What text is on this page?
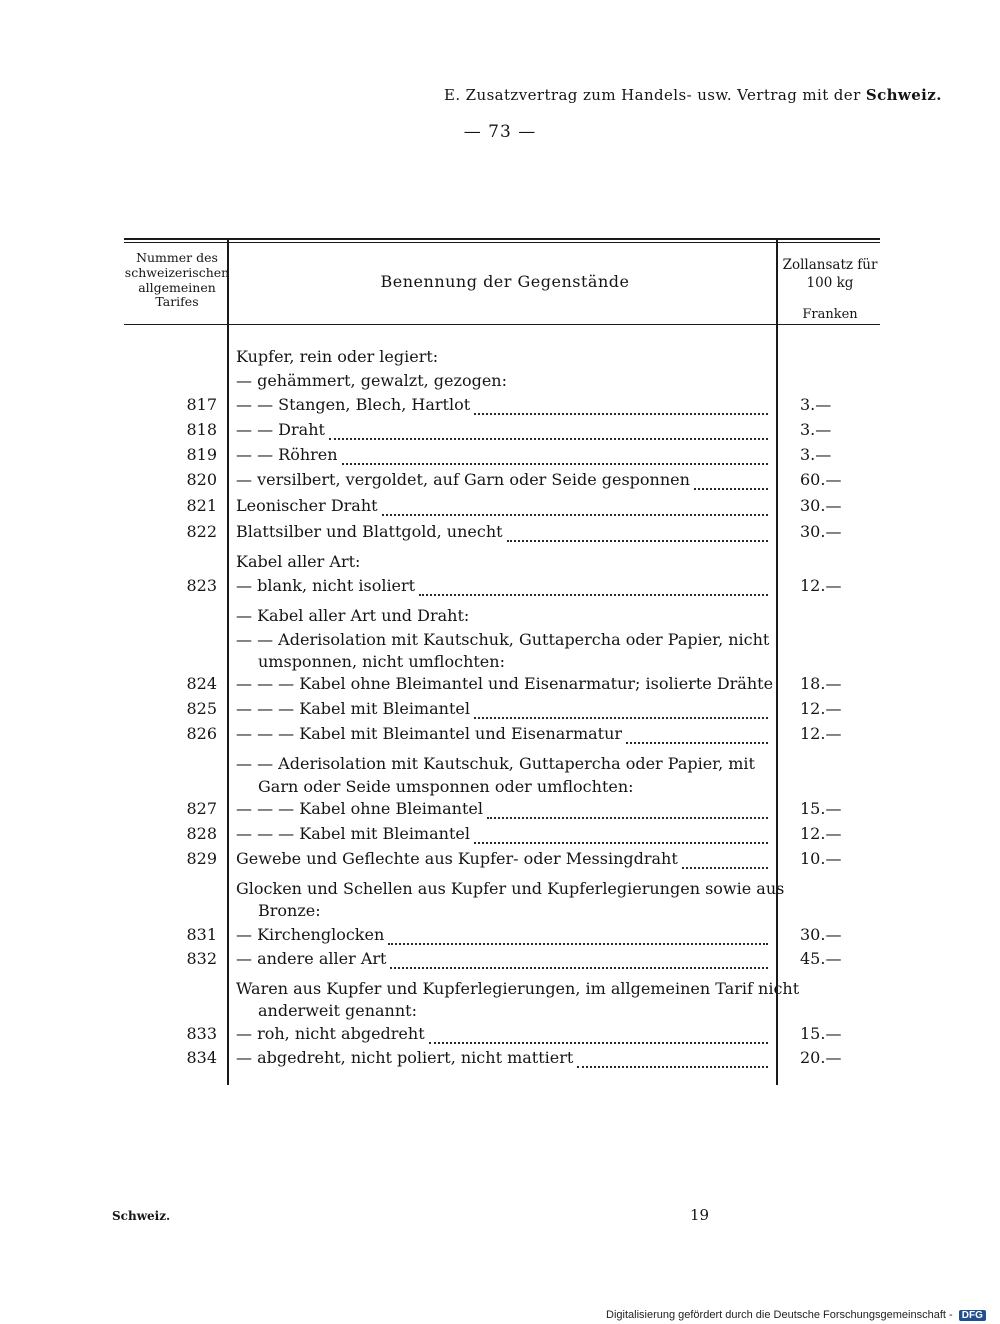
E. Zusatzvertrag zum Handels- usw. Vertrag mit der Schweiz.
— 73 —
Nummer des schweizerischen allgemeinen Tarifes
Benennung der Gegenstände
Zollansatz für 100 kg
Franken
Kupfer, rein oder legiert:
— gehämmert, gewalzt, gezogen:
817 — — Stangen, Blech, Hartlot	3.—
818 — — Draht	3.—
819 — — Röhren	3.—
820 — versilbert, vergoldet, auf Garn oder Seide gesponnen	60.—
821 Leonischer Draht	30.—
822 Blattsilber und Blattgold, unecht	30.—
Kabel aller Art:
823 — blank, nicht isoliert	12.—
— Kabel aller Art und Draht:
— — Aderisolation mit Kautschuk, Guttapercha oder Papier, nicht
umsponnen, nicht umflochten:
824 — — — Kabel ohne Bleimantel und Eisenarmatur; isolierte Drähte 18.—
825 — — — Kabel mit Bleimantel	12.—
826 — — — Kabel mit Bleimantel und Eisenarmatur	12.—
— — Aderisolation mit Kautschuk, Guttapercha oder Papier, mit
Garn oder Seide umsponnen oder umflochten:
827 — — — Kabel ohne Bleimantel	15.—
828 — — — Kabel mit Bleimantel	12.—
829 Gewebe und Geflechte aus Kupfer- oder Messingdraht	10.—
Glocken und Schellen aus Kupfer und Kupferlegierungen sowie aus
Bronze:
831 — Kirchenglocken	30.—
832 — andere aller Art	45.—
Waren aus Kupfer und Kupferlegierungen, im allgemeinen Tarif nicht
anderweit genannt:
833 — roh, nicht abgedreht	15.—
834 — abgedreht, nicht poliert, nicht mattiert	20.—
Schweiz.	19
Digitalisierung gefördert durch die Deutsche Forschungsgemeinschaft - DFG
